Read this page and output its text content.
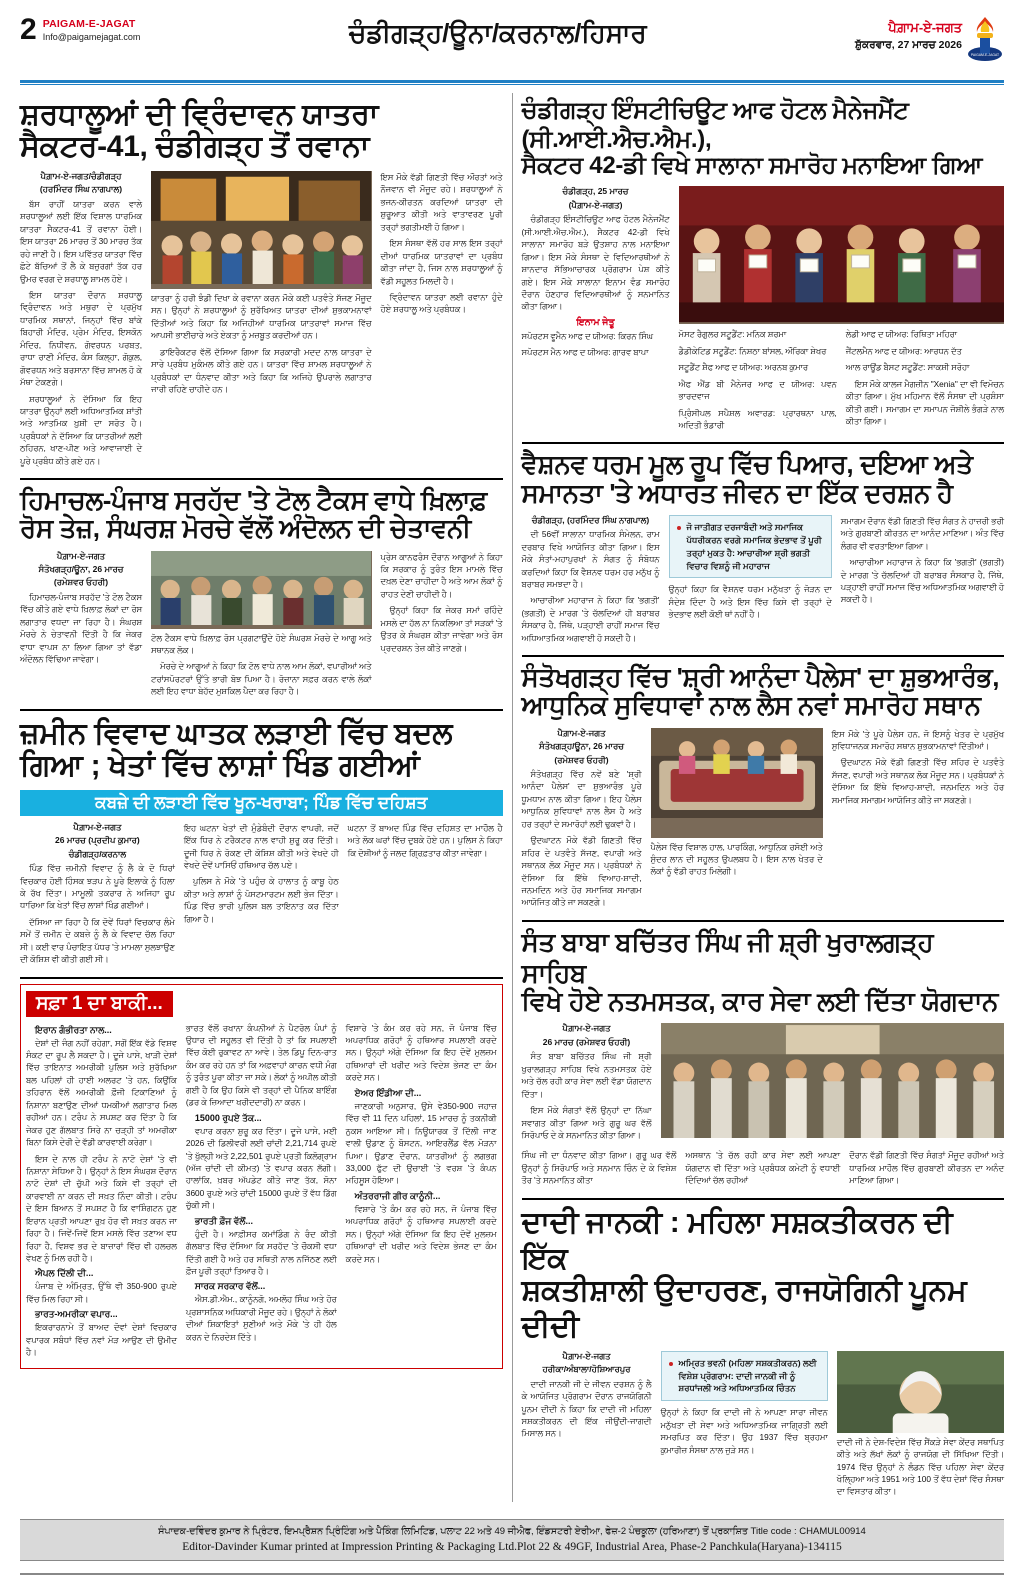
2 PAIGAM-E-JAGAT
Info@paigamejagat.com	ਚੰਡੀਗੜ੍ਹ/ਊਨਾ/ਕਰਨਾਲ/ਹਿਸਾਰ	ਪੈਗ਼ਾਮ-ਏ-ਜਗਤ
ਸ਼ੁੱਕਰਵਾਰ, 27 ਮਾਰਚ 2026
PAIGAM-E-JAGAT
ਸ਼ਰਧਾਲੂਆਂ ਦੀ ਵ੍ਰਿੰਦਾਵਨ ਯਾਤਰਾ
ਸੈਕਟਰ-41, ਚੰਡੀਗੜ੍ਹ ਤੋਂ ਰਵਾਨਾ
ਪੈਗ਼ਾਮ-ਏ-ਜਗਤ/ਚੰਡੀਗੜ੍ਹ
(ਹਰਮਿੰਦਰ ਸਿੰਘ ਨਾਗਪਾਲ)

ਬੱਸ ਰਾਹੀਂ ਯਾਤਰਾ ਕਰਨ ਵਾਲੇ ਸ਼ਰਧਾਲੂਆਂ ਲਈ ਇੱਕ ਵਿਸ਼ਾਲ ਧਾਰਮਿਕ ਯਾਤਰਾ ਸੈਕਟਰ-41 ਤੋਂ ਰਵਾਨਾ ਹੋਈ। ਇਸ ਯਾਤਰਾ 26 ਮਾਰਚ ਤੋਂ 30 ਮਾਰਚ ਤੱਕ ਰਹੇ ਜਾਣੀ ਹੈ। ਇਸ ਪਵਿੱਤਰ ਯਾਤਰਾ ਵਿੱਚ ਛੋਟੇ ਬੱਚਿਆਂ ਤੋਂ ਲੈ ਕੇ ਬਜ਼ੁਰਗਾਂ ਤੱਕ ਹਰ ਉਮਰ ਵਰਗ ਦੇ ਸ਼ਰਧਾਲੂ ਸ਼ਾਮਲ ਹੋਏ।

ਇਸ ਯਾਤਰਾ ਦੌਰਾਨ ਸ਼ਰਧਾਲੂ ਵ੍ਰਿੰਦਾਵਨ ਅਤੇ ਮਥੁਰਾ ਦੇ ਪ੍ਰਮੁੱਖ ਧਾਰਮਿਕ ਸਥਾਨਾਂ, ਜਿਨ੍ਹਾਂ ਵਿੱਚ ਬਾਂਕੇ ਬਿਹਾਰੀ ਮੰਦਿਰ, ਪ੍ਰੇਮ ਮੰਦਿਰ, ਇਸਕੋਨ ਮੰਦਿਰ, ਨਿਧੀਵਨ, ਗੋਵਰਧਨ ਪਰਬਤ, ਰਾਧਾ ਰਾਣੀ ਮੰਦਿਰ, ਕੰਸ ਕਿਲ੍ਹਾ, ਗੋਕੁਲ, ਗੋਵਰਧਨ ਅਤੇ ਬਰਸਾਨਾ ਵਿੱਚ ਸ਼ਾਮਲ ਹੋ ਕੇ ਮੱਥਾ ਟੇਕਣਗੇ।

ਸ਼ਰਧਾਲੂਆਂ ਨੇ ਦੱਸਿਆ ਕਿ ਇਹ ਯਾਤਰਾ ਉਨ੍ਹਾਂ ਲਈ ਅਧਿਆਤਮਿਕ ਸ਼ਾਂਤੀ ਅਤੇ ਆਤਮਿਕ ਖ਼ੁਸ਼ੀ ਦਾ ਸਰੋਤ ਹੈ। ਪ੍ਰਬੰਧਕਾਂ ਨੇ ਦੱਸਿਆ ਕਿ ਯਾਤਰੀਆਂ ਲਈ ਠਹਿਰਨ, ਖਾਣ-ਪੀਣ ਅਤੇ ਆਵਾਜਾਈ ਦੇ ਪੂਰੇ ਪ੍ਰਬੰਧ ਕੀਤੇ ਗਏ ਹਨ।

ਯਾਤਰਾ ਨੂੰ ਹਰੀ ਝੰਡੀ ਦਿਖਾ ਕੇ ਰਵਾਨਾ ਕਰਨ ਮੌਕੇ ਕਈ ਪਤਵੰਤੇ ਸੱਜਣ ਮੌਜੂਦ ਸਨ। ਉਨ੍ਹਾਂ ਨੇ ਸ਼ਰਧਾਲੂਆਂ ਨੂੰ ਸੁਰੱਖਿਅਤ ਯਾਤਰਾ ਦੀਆਂ ਸ਼ੁਭਕਾਮਨਾਵਾਂ ਦਿੱਤੀਆਂ ਅਤੇ ਕਿਹਾ ਕਿ ਅਜਿਹੀਆਂ ਧਾਰਮਿਕ ਯਾਤਰਾਵਾਂ ਸਮਾਜ ਵਿੱਚ ਆਪਸੀ ਭਾਈਚਾਰੇ ਅਤੇ ਏਕਤਾ ਨੂੰ ਮਜ਼ਬੂਤ ਕਰਦੀਆਂ ਹਨ।

ਡਾਇਰੈਕਟਰ ਵੱਲੋਂ ਦੱਸਿਆ ਗਿਆ ਕਿ ਸਰਕਾਰੀ ਮਦਦ ਨਾਲ ਯਾਤਰਾ ਦੇ ਸਾਰੇ ਪ੍ਰਬੰਧ ਮੁਕੰਮਲ ਕੀਤੇ ਗਏ ਹਨ। ਯਾਤਰਾ ਵਿੱਚ ਸ਼ਾਮਲ ਸ਼ਰਧਾਲੂਆਂ ਨੇ ਪ੍ਰਬੰਧਕਾਂ ਦਾ ਧੰਨਵਾਦ ਕੀਤਾ ਅਤੇ ਕਿਹਾ ਕਿ ਅਜਿਹੇ ਉਪਰਾਲੇ ਲਗਾਤਾਰ ਜਾਰੀ ਰਹਿਣੇ ਚਾਹੀਦੇ ਹਨ।

ਇਸ ਮੌਕੇ ਵੱਡੀ ਗਿਣਤੀ ਵਿੱਚ ਔਰਤਾਂ ਅਤੇ ਨੌਜਵਾਨ ਵੀ ਮੌਜੂਦ ਰਹੇ। ਸ਼ਰਧਾਲੂਆਂ ਨੇ ਭਜਨ-ਕੀਰਤਨ ਕਰਦਿਆਂ ਯਾਤਰਾ ਦੀ ਸ਼ੁਰੂਆਤ ਕੀਤੀ ਅਤੇ ਵਾਤਾਵਰਣ ਪੂਰੀ ਤਰ੍ਹਾਂ ਭਗਤੀਮਈ ਹੋ ਗਿਆ।

ਇਸ ਸੰਸਥਾ ਵੱਲੋਂ ਹਰ ਸਾਲ ਇਸ ਤਰ੍ਹਾਂ ਦੀਆਂ ਧਾਰਮਿਕ ਯਾਤਰਾਵਾਂ ਦਾ ਪ੍ਰਬੰਧ ਕੀਤਾ ਜਾਂਦਾ ਹੈ, ਜਿਸ ਨਾਲ ਸ਼ਰਧਾਲੂਆਂ ਨੂੰ ਵੱਡੀ ਸਹੂਲਤ ਮਿਲਦੀ ਹੈ।

ਵ੍ਰਿੰਦਾਵਨ ਯਾਤਰਾ ਲਈ ਰਵਾਨਾ ਹੁੰਦੇ ਹੋਏ ਸ਼ਰਧਾਲੂ ਅਤੇ ਪ੍ਰਬੰਧਕ।

ਹਿਮਾਚਲ-ਪੰਜਾਬ ਸਰਹੱਦ 'ਤੇ ਟੋਲ ਟੈਕਸ ਵਾਧੇ ਖ਼ਿਲਾਫ਼
ਰੋਸ ਤੇਜ਼, ਸੰਘਰਸ਼ ਮੋਰਚੇ ਵੱਲੋਂ ਅੰਦੋਲਨ ਦੀ ਚੇਤਾਵਨੀ
ਪੈਗ਼ਾਮ-ਏ-ਜਗਤ
ਸੰਤੋਖਗੜ੍ਹ/ਊਨਾ, 26 ਮਾਰਚ
(ਰਮੇਸ਼ਵਰ ਓਹਰੀ)

ਹਿਮਾਚਲ-ਪੰਜਾਬ ਸਰਹੱਦ 'ਤੇ ਟੋਲ ਟੈਕਸ ਵਿੱਚ ਕੀਤੇ ਗਏ ਵਾਧੇ ਖ਼ਿਲਾਫ਼ ਲੋਕਾਂ ਦਾ ਰੋਸ ਲਗਾਤਾਰ ਵਧਦਾ ਜਾ ਰਿਹਾ ਹੈ। ਸੰਘਰਸ਼ ਮੋਰਚੇ ਨੇ ਚੇਤਾਵਨੀ ਦਿੱਤੀ ਹੈ ਕਿ ਜੇਕਰ ਵਾਧਾ ਵਾਪਸ ਨਾ ਲਿਆ ਗਿਆ ਤਾਂ ਵੱਡਾ ਅੰਦੋਲਨ ਵਿੱਢਿਆ ਜਾਵੇਗਾ।

ਟੋਲ ਟੈਕਸ ਵਾਧੇ ਖ਼ਿਲਾਫ਼ ਰੋਸ ਪ੍ਰਗਟਾਉਂਦੇ ਹੋਏ ਸੰਘਰਸ਼ ਮੋਰਚੇ ਦੇ ਆਗੂ ਅਤੇ ਸਥਾਨਕ ਲੋਕ।

ਮੋਰਚੇ ਦੇ ਆਗੂਆਂ ਨੇ ਕਿਹਾ ਕਿ ਟੋਲ ਵਾਧੇ ਨਾਲ ਆਮ ਲੋਕਾਂ, ਵਪਾਰੀਆਂ ਅਤੇ ਟਰਾਂਸਪੋਰਟਰਾਂ ਉੱਤੇ ਭਾਰੀ ਬੋਝ ਪਿਆ ਹੈ। ਰੋਜ਼ਾਨਾ ਸਫ਼ਰ ਕਰਨ ਵਾਲੇ ਲੋਕਾਂ ਲਈ ਇਹ ਵਾਧਾ ਬੇਹੱਦ ਮੁਸ਼ਕਿਲ ਪੈਦਾ ਕਰ ਰਿਹਾ ਹੈ।

ਪ੍ਰੇਸ ਕਾਨਫਰੰਸ ਦੌਰਾਨ ਆਗੂਆਂ ਨੇ ਕਿਹਾ ਕਿ ਸਰਕਾਰ ਨੂੰ ਤੁਰੰਤ ਇਸ ਮਾਮਲੇ ਵਿੱਚ ਦਖ਼ਲ ਦੇਣਾ ਚਾਹੀਦਾ ਹੈ ਅਤੇ ਆਮ ਲੋਕਾਂ ਨੂੰ ਰਾਹਤ ਦੇਣੀ ਚਾਹੀਦੀ ਹੈ।

ਉਨ੍ਹਾਂ ਕਿਹਾ ਕਿ ਜੇਕਰ ਸਮਾਂ ਰਹਿੰਦੇ ਮਸਲੇ ਦਾ ਹੱਲ ਨਾ ਨਿਕਲਿਆ ਤਾਂ ਸੜਕਾਂ 'ਤੇ ਉਤਰ ਕੇ ਸੰਘਰਸ਼ ਕੀਤਾ ਜਾਵੇਗਾ ਅਤੇ ਰੋਸ ਪ੍ਰਦਰਸ਼ਨ ਤੇਜ਼ ਕੀਤੇ ਜਾਣਗੇ।

ਜ਼ਮੀਨ ਵਿਵਾਦ ਘਾਤਕ ਲੜਾਈ ਵਿੱਚ ਬਦਲ
ਗਿਆ ; ਖੇਤਾਂ ਵਿੱਚ ਲਾਸ਼ਾਂ ਖਿੰਡ ਗਈਆਂ
ਕਬਜ਼ੇ ਦੀ ਲੜਾਈ ਵਿੱਚ ਖੂਨ-ਖਰਾਬਾ; ਪਿੰਡ ਵਿੱਚ ਦਹਿਸ਼ਤ
ਪੈਗ਼ਾਮ-ਏ-ਜਗਤ
26 ਮਾਰਚ (ਪ੍ਰਦੀਪ ਕੁਮਾਰ)
ਚੰਡੀਗੜ੍ਹ/ਕਰਨਾਲ

ਪਿੰਡ ਵਿੱਚ ਜ਼ਮੀਨੀ ਵਿਵਾਦ ਨੂੰ ਲੈ ਕੇ ਦੋ ਧਿਰਾਂ ਵਿਚਕਾਰ ਹੋਈ ਹਿੰਸਕ ਝੜਪ ਨੇ ਪੂਰੇ ਇਲਾਕੇ ਨੂੰ ਹਿਲਾ ਕੇ ਰੱਖ ਦਿੱਤਾ। ਮਾਮੂਲੀ ਤਕਰਾਰ ਨੇ ਅਜਿਹਾ ਰੂਪ ਧਾਰਿਆ ਕਿ ਖੇਤਾਂ ਵਿੱਚ ਲਾਸ਼ਾਂ ਖਿੰਡ ਗਈਆਂ।

ਦੱਸਿਆ ਜਾ ਰਿਹਾ ਹੈ ਕਿ ਦੋਵੇਂ ਧਿਰਾਂ ਵਿਚਕਾਰ ਲੰਮੇ ਸਮੇਂ ਤੋਂ ਜ਼ਮੀਨ ਦੇ ਕਬਜ਼ੇ ਨੂੰ ਲੈ ਕੇ ਵਿਵਾਦ ਚੱਲ ਰਿਹਾ ਸੀ। ਕਈ ਵਾਰ ਪੰਚਾਇਤ ਪੱਧਰ 'ਤੇ ਮਾਮਲਾ ਸੁਲਝਾਉਣ ਦੀ ਕੋਸ਼ਿਸ਼ ਵੀ ਕੀਤੀ ਗਈ ਸੀ।

ਇਹ ਘਟਨਾ ਖੇਤਾਂ ਦੀ ਮੁੰਡੇਬੰਦੀ ਦੌਰਾਨ ਵਾਪਰੀ, ਜਦੋਂ ਇੱਕ ਧਿਰ ਨੇ ਟਰੈਕਟਰ ਨਾਲ ਵਾਹੀ ਸ਼ੁਰੂ ਕਰ ਦਿੱਤੀ। ਦੂਜੀ ਧਿਰ ਨੇ ਰੋਕਣ ਦੀ ਕੋਸ਼ਿਸ਼ ਕੀਤੀ ਅਤੇ ਵੇਖਦੇ ਹੀ ਵੇਖਦੇ ਦੋਵੇਂ ਪਾਸਿਓਂ ਹਥਿਆਰ ਚੱਲ ਪਏ।

ਪੁਲਿਸ ਨੇ ਮੌਕੇ 'ਤੇ ਪਹੁੰਚ ਕੇ ਹਾਲਾਤ ਨੂੰ ਕਾਬੂ ਹੇਠ ਕੀਤਾ ਅਤੇ ਲਾਸ਼ਾਂ ਨੂੰ ਪੋਸਟਮਾਰਟਮ ਲਈ ਭੇਜ ਦਿੱਤਾ। ਪਿੰਡ ਵਿੱਚ ਭਾਰੀ ਪੁਲਿਸ ਬਲ ਤਾਇਨਾਤ ਕਰ ਦਿੱਤਾ ਗਿਆ ਹੈ।

ਘਟਨਾ ਤੋਂ ਬਾਅਦ ਪਿੰਡ ਵਿੱਚ ਦਹਿਸ਼ਤ ਦਾ ਮਾਹੌਲ ਹੈ ਅਤੇ ਲੋਕ ਘਰਾਂ ਵਿੱਚ ਦੁਬਕੇ ਹੋਏ ਹਨ। ਪੁਲਿਸ ਨੇ ਕਿਹਾ ਕਿ ਦੋਸ਼ੀਆਂ ਨੂੰ ਜਲਦ ਗ੍ਰਿਫ਼ਤਾਰ ਕੀਤਾ ਜਾਵੇਗਾ।

ਸਫ਼ਾ 1 ਦਾ ਬਾਕੀ...
ਇਰਾਨ ਗੰਭੀਰਤਾ ਨਾਲ...

ਦੇਸ਼ਾਂ ਦੀ ਜੰਗ ਨਹੀਂ ਰਹੇਗਾ, ਸਗੋਂ ਇੱਕ ਵੱਡੇ ਵਿਸ਼ਵ ਸੰਕਟ ਦਾ ਰੂਪ ਲੈ ਸਕਦਾ ਹੈ। ਦੂਜੇ ਪਾਸੇ, ਖਾੜੀ ਦੇਸ਼ਾਂ ਵਿੱਚ ਤਾਇਨਾਤ ਅਮਰੀਕੀ ਪੁਲਿਸ ਅਤੇ ਸੁਰੱਖਿਆ ਬਲ ਪਹਿਲਾਂ ਹੀ ਹਾਈ ਅਲਰਟ 'ਤੇ ਹਨ, ਕਿਉਂਕਿ ਤਹਿਰਾਨ ਵੱਲੋਂ ਅਮਰੀਕੀ ਫ਼ੌਜੀ ਟਿਕਾਣਿਆਂ ਨੂੰ ਨਿਸ਼ਾਨਾ ਬਣਾਉਣ ਦੀਆਂ ਧਮਕੀਆਂ ਲਗਾਤਾਰ ਮਿਲ ਰਹੀਆਂ ਹਨ। ਟਰੰਪ ਨੇ ਸਪਸ਼ਟ ਕਰ ਦਿੱਤਾ ਹੈ ਕਿ ਜੇਕਰ ਹੁਣ ਗੱਲਬਾਤ ਸਿਰੇ ਨਾ ਚੜ੍ਹੀ ਤਾਂ ਅਮਰੀਕਾ ਬਿਨਾ ਕਿਸੇ ਦੇਰੀ ਦੇ ਵੱਡੀ ਕਾਰਵਾਈ ਕਰੇਗਾ।

ਇਸ ਦੇ ਨਾਲ ਹੀ ਟਰੰਪ ਨੇ ਨਾਟੋ ਦੇਸ਼ਾਂ 'ਤੇ ਵੀ ਨਿਸ਼ਾਨਾ ਸੇਧਿਆ ਹੈ। ਉਨ੍ਹਾਂ ਨੇ ਇਸ ਸੰਘਰਸ਼ ਦੌਰਾਨ ਨਾਟੋ ਦੇਸ਼ਾਂ ਦੀ ਚੁੱਪੀ ਅਤੇ ਕਿਸੇ ਵੀ ਤਰ੍ਹਾਂ ਦੀ ਕਾਰਵਾਈ ਨਾ ਕਰਨ ਦੀ ਸਖ਼ਤ ਨਿੰਦਾ ਕੀਤੀ। ਟਰੰਪ ਦੇ ਇਸ ਬਿਆਨ ਤੋਂ ਸਪਸ਼ਟ ਹੈ ਕਿ ਵਾਸ਼ਿੰਗਟਨ ਹੁਣ ਇਰਾਨ ਪ੍ਰਤੀ ਆਪਣਾ ਰੁਖ਼ ਹੋਰ ਵੀ ਸਖ਼ਤ ਕਰਨ ਜਾ ਰਿਹਾ ਹੈ। ਜਿਵੇਂ-ਜਿਵੇਂ ਇਸ ਮਸਲੇ ਵਿੱਚ ਤਣਾਅ ਵਧ ਰਿਹਾ ਹੈ, ਵਿਸ਼ਵ ਭਰ ਦੇ ਬਾਜ਼ਾਰਾਂ ਵਿੱਚ ਵੀ ਹਲਚਲ ਵੇਖਣ ਨੂੰ ਮਿਲ ਰਹੀ ਹੈ।

ਐਪਲ ਦਿੱਲੀ ਦੀ...

ਪੰਜਾਬ ਦੇ ਅੰਮ੍ਰਿਤ, ਉੱਥੇ ਵੀ 350-900 ਰੁਪਏ ਵਿੱਚ ਮਿਲ ਰਿਹਾ ਸੀ।

ਭਾਰਤ-ਅਮਰੀਕਾ ਵਪਾਰ...

ਇਕਰਾਰਨਾਮੇ ਤੋਂ ਬਾਅਦ ਦੋਵਾਂ ਦੇਸ਼ਾਂ ਵਿਚਕਾਰ ਵਪਾਰਕ ਸਬੰਧਾਂ ਵਿੱਚ ਨਵਾਂ ਮੋੜ ਆਉਣ ਦੀ ਉਮੀਦ ਹੈ।

ਭਾਰਤ ਵੱਲੋਂ ਰਖਾਨਾ ਕੰਪਨੀਆਂ ਨੇ ਪੈਟਰੋਲ ਪੰਪਾਂ ਨੂੰ ਉਧਾਰ ਦੀ ਸਹੂਲਤ ਵੀ ਦਿੱਤੀ ਹੈ ਤਾਂ ਕਿ ਸਪਲਾਈ ਵਿੱਚ ਕੋਈ ਰੁਕਾਵਟ ਨਾ ਆਵੇ। ਤੇਲ ਡਿਪੂ ਦਿਨ-ਰਾਤ ਕੰਮ ਕਰ ਰਹੇ ਹਨ ਤਾਂ ਕਿ ਅਫ਼ਵਾਹਾਂ ਕਾਰਨ ਵਧੀ ਮੰਗ ਨੂੰ ਤੁਰੰਤ ਪੂਰਾ ਕੀਤਾ ਜਾ ਸਕੇ। ਲੋਕਾਂ ਨੂੰ ਅਪੀਲ ਕੀਤੀ ਗਈ ਹੈ ਕਿ ਉਹ ਕਿਸੇ ਵੀ ਤਰ੍ਹਾਂ ਦੀ ਪੈਨਿਕ ਬਾਇੰਗ (ਡਰ ਕੇ ਜ਼ਿਆਦਾ ਖਰੀਦਦਾਰੀ) ਨਾ ਕਰਨ।

15000 ਰੁਪਏ ਤੱਕ...

ਵਪਾਰ ਕਰਨਾ ਸ਼ੁਰੂ ਕਰ ਦਿੱਤਾ। ਦੂਜੇ ਪਾਸੇ, ਮਈ 2026 ਦੀ ਡਿਲੀਵਰੀ ਲਈ ਚਾਂਦੀ 2,21,714 ਰੁਪਏ 'ਤੇ ਖੁੱਲ੍ਹੀ ਅਤੇ 2,22,501 ਰੁਪਏ ਪ੍ਰਤੀ ਕਿਲੋਗ੍ਰਾਮ (ਅੱਜ ਚਾਂਦੀ ਦੀ ਕੀਮਤ) 'ਤੇ ਵਪਾਰ ਕਰਨ ਲੱਗੀ। ਹਾਲਾਂਕਿ, ਖ਼ਬਰ ਅੱਪਡੇਟ ਕੀਤੇ ਜਾਣ ਤੱਕ, ਸੋਨਾ 3600 ਰੁਪਏ ਅਤੇ ਚਾਂਦੀ 15000 ਰੁਪਏ ਤੋਂ ਵੱਧ ਡਿੱਗ ਚੁੱਕੀ ਸੀ।

ਭਾਰਤੀ ਫ਼ੌਜ ਵੱਲੋਂ...

ਹੁੰਦੀ ਹੈ। ਆਫ਼ੀਸਰ ਕਮਾਂਡਿੰਗ ਨੇ ਰੰਦ ਕੀਤੀ ਗੱਲਬਾਤ ਵਿੱਚ ਦੱਸਿਆ ਕਿ ਸਰਹੱਦ 'ਤੇ ਚੌਕਸੀ ਵਧਾ ਦਿੱਤੀ ਗਈ ਹੈ ਅਤੇ ਹਰ ਸਥਿਤੀ ਨਾਲ ਨਜਿੱਠਣ ਲਈ ਫ਼ੌਜ ਪੂਰੀ ਤਰ੍ਹਾਂ ਤਿਆਰ ਹੈ।

ਸਾਰਕ ਸਰਕਾਰ ਵੱਲੋਂ...

ਐਸ.ਡੀ.ਐਮ., ਕਾਨੂੰਨਗੋ, ਅਮਲੋਹ ਸਿੰਘ ਅਤੇ ਹੋਰ ਪ੍ਰਸ਼ਾਸਨਿਕ ਅਧਿਕਾਰੀ ਮੌਜੂਦ ਰਹੇ। ਉਨ੍ਹਾਂ ਨੇ ਲੋਕਾਂ ਦੀਆਂ ਸ਼ਿਕਾਇਤਾਂ ਸੁਣੀਆਂ ਅਤੇ ਮੌਕੇ 'ਤੇ ਹੀ ਹੱਲ ਕਰਨ ਦੇ ਨਿਰਦੇਸ਼ ਦਿੱਤੇ।

ਵਿਸ਼ਾਰੇ 'ਤੇ ਕੰਮ ਕਰ ਰਹੇ ਸਨ, ਜੋ ਪੰਜਾਬ ਵਿੱਚ ਅਪਰਾਧਿਕ ਗਰੋਹਾਂ ਨੂੰ ਹਥਿਆਰ ਸਪਲਾਈ ਕਰਦੇ ਸਨ। ਉਨ੍ਹਾਂ ਅੱਗੇ ਦੱਸਿਆ ਕਿ ਇਹ ਦੋਵੇਂ ਮੁਲਜ਼ਮ ਹਥਿਆਰਾਂ ਦੀ ਖਰੀਦ ਅਤੇ ਵਿਦੇਸ਼ ਭੇਜਣ ਦਾ ਕੰਮ ਕਰਦੇ ਸਨ।

ਏਅਰ ਇੰਡੀਆ ਦੀ...

ਜਾਣਕਾਰੀ ਅਨੁਸਾਰ, ਉਸੇ ਵੇ350-900 ਜਹਾਜ਼ ਵਿੱਚ ਵੀ 11 ਦਿਨ ਪਹਿਲਾਂ, 15 ਮਾਰਚ ਨੂੰ ਤਕਨੀਕੀ ਨੁਕਸ ਆਇਆ ਸੀ। ਨਿਊਯਾਰਕ ਤੋਂ ਦਿੱਲੀ ਜਾਣ ਵਾਲੀ ਉਡਾਣ ਨੂੰ ਬੋਸਟਨ, ਆਇਰਲੈਂਡ ਵੱਲ ਮੋੜਨਾ ਪਿਆ। ਉਡਾਣ ਦੌਰਾਨ, ਯਾਤਰੀਆਂ ਨੂੰ ਲਗਭਗ 33,000 ਫੁੱਟ ਦੀ ਉਚਾਈ 'ਤੇ ਵਰਸ਼ 'ਤੇ ਕੰਪਨ ਮਹਿਸੂਸ ਹੋਇਆ।

ਅੰਤਰਰਾਜੀ ਗੀਰ ਕਾਨੂੰਨੀ...

ਵਿਸ਼ਾਰੇ 'ਤੇ ਕੰਮ ਕਰ ਰਹੇ ਸਨ, ਜੋ ਪੰਜਾਬ ਵਿੱਚ ਅਪਰਾਧਿਕ ਗਰੋਹਾਂ ਨੂੰ ਹਥਿਆਰ ਸਪਲਾਈ ਕਰਦੇ ਸਨ। ਉਨ੍ਹਾਂ ਅੱਗੇ ਦੱਸਿਆ ਕਿ ਇਹ ਦੋਵੇਂ ਮੁਲਜ਼ਮ ਹਥਿਆਰਾਂ ਦੀ ਖਰੀਦ ਅਤੇ ਵਿਦੇਸ਼ ਭੇਜਣ ਦਾ ਕੰਮ ਕਰਦੇ ਸਨ।

ਚੰਡੀਗੜ੍ਹ ਇੰਸਟੀਚਿਊਟ ਆਫ ਹੋਟਲ ਮੈਨੇਜਮੈਂਟ (ਸੀ.ਆਈ.ਐਚ.ਐਮ.),
ਸੈਕਟਰ 42-ਡੀ ਵਿਖੇ ਸਾਲਾਨਾ ਸਮਾਰੋਹ ਮਨਾਇਆ ਗਿਆ
ਚੰਡੀਗੜ੍ਹ, 25 ਮਾਰਚ
(ਪੈਗ਼ਾਮ-ਏ-ਜਗਤ)

ਚੰਡੀਗੜ੍ਹ ਇੰਸਟੀਚਿਊਟ ਆਫ ਹੋਟਲ ਮੈਨੇਜਮੈਂਟ (ਸੀ.ਆਈ.ਐਚ.ਐਮ.), ਸੈਕਟਰ 42-ਡੀ ਵਿਖੇ ਸਾਲਾਨਾ ਸਮਾਰੋਹ ਬੜੇ ਉਤਸ਼ਾਹ ਨਾਲ ਮਨਾਇਆ ਗਿਆ। ਇਸ ਮੌਕੇ ਸੰਸਥਾ ਦੇ ਵਿਦਿਆਰਥੀਆਂ ਨੇ ਸ਼ਾਨਦਾਰ ਸੱਭਿਆਚਾਰਕ ਪ੍ਰੋਗਰਾਮ ਪੇਸ਼ ਕੀਤੇ ਗਏ। ਇਸ ਮੌਕੇ ਸਾਲਾਨਾ ਇਨਾਮ ਵੰਡ ਸਮਾਰੋਹ ਦੌਰਾਨ ਹੋਣਹਾਰ ਵਿਦਿਆਰਥੀਆਂ ਨੂੰ ਸਨਮਾਨਿਤ ਕੀਤਾ ਗਿਆ।

ਇਨਾਮ ਜੇਤੂ

ਸਪੋਰਟਸ ਵੂਮੈਨ ਆਫ ਦ ਯੀਅਰ: ਕਿਰਨ ਸਿੰਘ

ਸਪੋਰਟਸ ਮੈਨ ਆਫ ਦ ਯੀਅਰ: ਗਾਰਵ ਬਾਪਾ

ਮੋਸਟ ਰੈਗੁਲਰ ਸਟੂਡੈਂਟ: ਮਨਿਕ ਸ਼ਰਮਾ

ਡੈਡੀਕੇਟਿਡ ਸਟੂਡੈਂਟ: ਨਿਸ਼ਠਾ ਬਾਂਸਲ, ਔਰਿਕਾ ਸ਼ੇਖਰ

ਸਟੂਡੈਂਟ ਸ਼ੈਫ ਆਫ ਦ ਯੀਅਰ: ਅਰਨਬ ਕੁਮਾਰ

ਐਫ ਐਂਡ ਬੀ ਮੈਨੇਜਰ ਆਫ ਦ ਯੀਅਰ: ਪਵਨ ਭਾਰਦਵਾਜ

ਪ੍ਰਿੰਸੀਪਲ ਸਪੈਸ਼ਲ ਅਵਾਰਡ: ਪ੍ਰਾਰਥਨਾ ਪਾਲ, ਅਦਿਤੀ ਭੰਡਾਰੀ

ਲੇਡੀ ਆਫ ਦ ਯੀਅਰ: ਰਿਥਿਤਾ ਮਹਿਰਾ

ਜੈਂਟਲਮੈਨ ਆਫ ਦ ਯੀਅਰ: ਆਰਧਨ ਦੱਤ

ਆਲ ਰਾਊਂਡ ਬੈਸਟ ਸਟੂਡੈਂਟ: ਸਾਕਸ਼ੀ ਸਰੋਹਾ

ਇਸ ਮੌਕੇ ਕਾਲਜ ਮੈਗਜ਼ੀਨ "Xenia" ਦਾ ਵੀ ਵਿਮੋਚਨ ਕੀਤਾ ਗਿਆ। ਮੁੱਖ ਮਹਿਮਾਨ ਵੱਲੋਂ ਸੰਸਥਾ ਦੀ ਪ੍ਰਸ਼ੰਸਾ ਕੀਤੀ ਗਈ। ਸਮਾਗਮ ਦਾ ਸਮਾਪਨ ਜੋਸ਼ੀਲੇ ਭੰਗੜੇ ਨਾਲ ਕੀਤਾ ਗਿਆ।

ਵੈਸ਼ਨਵ ਧਰਮ ਮੂਲ ਰੂਪ ਵਿੱਚ ਪਿਆਰ, ਦਇਆ ਅਤੇ
ਸਮਾਨਤਾ 'ਤੇ ਅਧਾਰਤ ਜੀਵਨ ਦਾ ਇੱਕ ਦਰਸ਼ਨ ਹੈ
ਚੰਡੀਗੜ੍ਹ, (ਹਰਮਿੰਦਰ ਸਿੰਘ ਨਾਗਪਾਲ)

ਦੀ 56ਵੀਂ ਸਾਲਾਨਾ ਧਾਰਮਿਕ ਸੰਮੇਲਨ, ਰਾਮ ਦਰਬਾਰ ਵਿਖੇ ਆਯੋਜਿਤ ਕੀਤਾ ਗਿਆ। ਇਸ ਮੌਕੇ ਸੰਤਾਂ-ਮਹਾਪੁਰਖਾਂ ਨੇ ਸੰਗਤ ਨੂੰ ਸੰਬੋਧਨ ਕਰਦਿਆਂ ਕਿਹਾ ਕਿ ਵੈਸ਼ਨਵ ਧਰਮ ਹਰ ਮਨੁੱਖ ਨੂੰ ਬਰਾਬਰ ਸਮਝਦਾ ਹੈ।

ਆਚਾਰੀਆ ਮਹਾਰਾਜ ਨੇ ਕਿਹਾ ਕਿ 'ਭਗਤੀ' (ਭਗਤੀ) ਦੇ ਮਾਰਗ 'ਤੇ ਚੱਲਦਿਆਂ ਹੀ ਬਰਾਬਰ ਸੰਸਕਾਰ ਹੈ, ਜਿੱਥੇ, ਪੜ੍ਹਾਈ ਰਾਹੀਂ ਸਮਾਜ ਵਿੱਚ ਅਧਿਆਤਮਿਕ ਅਗਵਾਈ ਹੋ ਸਕਦੀ ਹੈ।

ਜੋ ਜਾਤੀਗਤ ਦਰਜਾਬੰਦੀ ਅਤੇ ਸਮਾਜਿਕ ਪੱਧਰੀਕਰਨ ਵਰਗੇ ਸਮਾਜਿਕ ਭੇਦਭਾਵ ਤੋਂ ਪੂਰੀ ਤਰ੍ਹਾਂ ਮੁਕਤ ਹੈ: ਆਚਾਰੀਆ ਸ਼੍ਰੀ ਭਗਤੀ ਵਿਚਾਰ ਵਿਸ਼ਨੂੰ ਜੀ ਮਹਾਰਾਜ

ਉਨ੍ਹਾਂ ਕਿਹਾ ਕਿ ਵੈਸ਼ਨਵ ਧਰਮ ਮਨੁੱਖਤਾ ਨੂੰ ਜੋੜਨ ਦਾ ਸੰਦੇਸ਼ ਦਿੰਦਾ ਹੈ ਅਤੇ ਇਸ ਵਿੱਚ ਕਿਸੇ ਵੀ ਤਰ੍ਹਾਂ ਦੇ ਭੇਦਭਾਵ ਲਈ ਕੋਈ ਥਾਂ ਨਹੀਂ ਹੈ।

ਸਮਾਗਮ ਦੌਰਾਨ ਵੱਡੀ ਗਿਣਤੀ ਵਿੱਚ ਸੰਗਤ ਨੇ ਹਾਜ਼ਰੀ ਭਰੀ ਅਤੇ ਗੁਰਬਾਣੀ ਕੀਰਤਨ ਦਾ ਆਨੰਦ ਮਾਣਿਆ। ਅੰਤ ਵਿੱਚ ਲੰਗਰ ਵੀ ਵਰਤਾਇਆ ਗਿਆ।

ਆਚਾਰੀਆ ਮਹਾਰਾਜ ਨੇ ਕਿਹਾ ਕਿ 'ਭਗਤੀ' (ਭਗਤੀ) ਦੇ ਮਾਰਗ 'ਤੇ ਚੱਲਦਿਆਂ ਹੀ ਬਰਾਬਰ ਸੰਸਕਾਰ ਹੈ, ਜਿੱਥੇ, ਪੜ੍ਹਾਈ ਰਾਹੀਂ ਸਮਾਜ ਵਿੱਚ ਅਧਿਆਤਮਿਕ ਅਗਵਾਈ ਹੋ ਸਕਦੀ ਹੈ।

ਸੰਤੋਖਗੜ੍ਹ ਵਿੱਚ 'ਸ਼੍ਰੀ ਆਨੰਦਾ ਪੈਲੇਸ' ਦਾ ਸ਼ੁਭਆਰੰਭ,
ਆਧੁਨਿਕ ਸੁਵਿਧਾਵਾਂ ਨਾਲ ਲੈਸ ਨਵਾਂ ਸਮਾਰੋਹ ਸਥਾਨ
ਪੈਗ਼ਾਮ-ਏ-ਜਗਤ
ਸੰਤੋਖਗੜ੍ਹ/ਊਨਾ, 26 ਮਾਰਚ
(ਰਮੇਸ਼ਵਰ ਓਹਰੀ)

ਸੰਤੋਖਗੜ੍ਹ ਵਿੱਚ ਨਵੇਂ ਬਣੇ 'ਸ਼੍ਰੀ ਆਨੰਦਾ ਪੈਲੇਸ' ਦਾ ਸ਼ੁਭਆਰੰਭ ਪੂਰੇ ਧੂਮਧਾਮ ਨਾਲ ਕੀਤਾ ਗਿਆ। ਇਹ ਪੈਲੇਸ ਆਧੁਨਿਕ ਸੁਵਿਧਾਵਾਂ ਨਾਲ ਲੈਸ ਹੈ ਅਤੇ ਹਰ ਤਰ੍ਹਾਂ ਦੇ ਸਮਾਰੋਹਾਂ ਲਈ ਢੁਕਵਾਂ ਹੈ।

ਉਦਘਾਟਨ ਮੌਕੇ ਵੱਡੀ ਗਿਣਤੀ ਵਿੱਚ ਸ਼ਹਿਰ ਦੇ ਪਤਵੰਤੇ ਸੱਜਣ, ਵਪਾਰੀ ਅਤੇ ਸਥਾਨਕ ਲੋਕ ਮੌਜੂਦ ਸਨ। ਪ੍ਰਬੰਧਕਾਂ ਨੇ ਦੱਸਿਆ ਕਿ ਇੱਥੇ ਵਿਆਹ-ਸ਼ਾਦੀ, ਜਨਮਦਿਨ ਅਤੇ ਹੋਰ ਸਮਾਜਿਕ ਸਮਾਗਮ ਆਯੋਜਿਤ ਕੀਤੇ ਜਾ ਸਕਣਗੇ।

ਪੈਲੇਸ ਵਿੱਚ ਵਿਸ਼ਾਲ ਹਾਲ, ਪਾਰਕਿੰਗ, ਆਧੁਨਿਕ ਰਸੋਈ ਅਤੇ ਸੁੰਦਰ ਲਾਨ ਦੀ ਸਹੂਲਤ ਉਪਲਬਧ ਹੈ। ਇਸ ਨਾਲ ਖੇਤਰ ਦੇ ਲੋਕਾਂ ਨੂੰ ਵੱਡੀ ਰਾਹਤ ਮਿਲੇਗੀ।

ਇਸ ਮੌਕੇ 'ਤੇ ਪੂਰੇ ਪੈਲੇਸ ਹਨ, ਜੋ ਇਸਨੂੰ ਖੇਤਰ ਦੇ ਪ੍ਰਮੁੱਖ ਸੁਵਿਧਾਜਨਕ ਸਮਾਰੋਹ ਸਥਾਨ ਸ਼ੁਭਕਾਮਨਾਵਾਂ ਦਿੱਤੀਆਂ।

ਉਦਘਾਟਨ ਮੌਕੇ ਵੱਡੀ ਗਿਣਤੀ ਵਿੱਚ ਸ਼ਹਿਰ ਦੇ ਪਤਵੰਤੇ ਸੱਜਣ, ਵਪਾਰੀ ਅਤੇ ਸਥਾਨਕ ਲੋਕ ਮੌਜੂਦ ਸਨ। ਪ੍ਰਬੰਧਕਾਂ ਨੇ ਦੱਸਿਆ ਕਿ ਇੱਥੇ ਵਿਆਹ-ਸ਼ਾਦੀ, ਜਨਮਦਿਨ ਅਤੇ ਹੋਰ ਸਮਾਜਿਕ ਸਮਾਗਮ ਆਯੋਜਿਤ ਕੀਤੇ ਜਾ ਸਕਣਗੇ।

ਸੰਤ ਬਾਬਾ ਬਚਿੱਤਰ ਸਿੰਘ ਜੀ ਸ਼੍ਰੀ ਖੁਰਾਲਗੜ੍ਹ ਸਾਹਿਬ
ਵਿਖੇ ਹੋਏ ਨਤਮਸਤਕ, ਕਾਰ ਸੇਵਾ ਲਈ ਦਿੱਤਾ ਯੋਗਦਾਨ
ਪੈਗ਼ਾਮ-ਏ-ਜਗਤ
26 ਮਾਰਚ (ਰਮੇਸ਼ਵਰ ਓਹਰੀ)

ਸੰਤ ਬਾਬਾ ਬਚਿੱਤਰ ਸਿੰਘ ਜੀ ਸ਼੍ਰੀ ਖੁਰਾਲਗੜ੍ਹ ਸਾਹਿਬ ਵਿਖੇ ਨਤਮਸਤਕ ਹੋਏ ਅਤੇ ਚੱਲ ਰਹੀ ਕਾਰ ਸੇਵਾ ਲਈ ਵੱਡਾ ਯੋਗਦਾਨ ਦਿੱਤਾ।

ਇਸ ਮੌਕੇ ਸੰਗਤਾਂ ਵੱਲੋਂ ਉਨ੍ਹਾਂ ਦਾ ਨਿੱਘਾ ਸਵਾਗਤ ਕੀਤਾ ਗਿਆ ਅਤੇ ਗੁਰੂ ਘਰ ਵੱਲੋਂ ਸਿਰੋਪਾਓ ਦੇ ਕੇ ਸਨਮਾਨਿਤ ਕੀਤਾ ਗਿਆ।

ਸਿੰਘ ਜੀ ਦਾ ਧੰਨਵਾਦ ਕੀਤਾ ਗਿਆ। ਗੁਰੂ ਘਰ ਵੱਲੋਂ ਉਨ੍ਹਾਂ ਨੂੰ ਸਿਰੋਪਾਓ ਅਤੇ ਸਨਮਾਨ ਚਿੰਨ ਦੇ ਕੇ ਵਿਸ਼ੇਸ਼ ਤੌਰ 'ਤੇ ਸਨਮਾਨਿਤ ਕੀਤਾ

ਅਸਥਾਨ 'ਤੇ ਚੱਲ ਰਹੀ ਕਾਰ ਸੇਵਾ ਲਈ ਆਪਣਾ ਯੋਗਦਾਨ ਵੀ ਦਿੱਤਾ ਅਤੇ ਪ੍ਰਬੰਧਕ ਕਮੇਟੀ ਨੂੰ ਵਧਾਈ ਦਿੰਦਿਆਂ ਚੱਲ ਰਹੀਆਂ

ਦੌਰਾਨ ਵੱਡੀ ਗਿਣਤੀ ਵਿੱਚ ਸੰਗਤਾਂ ਮੌਜੂਦ ਰਹੀਆਂ ਅਤੇ ਧਾਰਮਿਕ ਮਾਹੌਲ ਵਿੱਚ ਗੁਰਬਾਣੀ ਕੀਰਤਨ ਦਾ ਅਨੰਦ ਮਾਣਿਆ ਗਿਆ।

ਦਾਦੀ ਜਾਨਕੀ : ਮਹਿਲਾ ਸਸ਼ਕਤੀਕਰਨ ਦੀ ਇੱਕ
ਸ਼ਕਤੀਸ਼ਾਲੀ ਉਦਾਹਰਣ, ਰਾਜਯੋਗਿਨੀ ਪੂਨਮ ਦੀਦੀ
ਪੈਗ਼ਾਮ-ਏ-ਜਗਤ
ਹਰੀਕਾ/ਅੰਬਾਲਾ/ਹੋਸ਼ਿਆਰਪੁਰ

ਦਾਦੀ ਜਾਨਕੀ ਜੀ ਦੇ ਜੀਵਨ ਦਰਸ਼ਨ ਨੂੰ ਲੈ ਕੇ ਆਯੋਜਿਤ ਪ੍ਰੋਗਰਾਮ ਦੌਰਾਨ ਰਾਜਯੋਗਿਨੀ ਪੂਨਮ ਦੀਦੀ ਨੇ ਕਿਹਾ ਕਿ ਦਾਦੀ ਜੀ ਮਹਿਲਾ ਸਸ਼ਕਤੀਕਰਨ ਦੀ ਇੱਕ ਜੀਉਂਦੀ-ਜਾਗਦੀ ਮਿਸਾਲ ਸਨ।

ਅਮ੍ਰਿਤ ਭਵਨੀ (ਮਹਿਲਾ ਸਸ਼ਕਤੀਕਰਨ) ਲਈ ਵਿਸ਼ੇਸ਼ ਪ੍ਰੋਗਰਾਮ: ਦਾਦੀ ਜਾਨਕੀ ਜੀ ਨੂੰ ਸ਼ਰਧਾਂਜਲੀ ਅਤੇ ਅਧਿਆਤਮਿਕ ਚਿੰਤਨ

ਉਨ੍ਹਾਂ ਨੇ ਕਿਹਾ ਕਿ ਦਾਦੀ ਜੀ ਨੇ ਆਪਣਾ ਸਾਰਾ ਜੀਵਨ ਮਨੁੱਖਤਾ ਦੀ ਸੇਵਾ ਅਤੇ ਅਧਿਆਤਮਿਕ ਜਾਗ੍ਰਿਤੀ ਲਈ ਸਮਰਪਿਤ ਕਰ ਦਿੱਤਾ। ਉਹ 1937 ਵਿੱਚ ਬ੍ਰਹਮਾ ਕੁਮਾਰੀਜ਼ ਸੰਸਥਾ ਨਾਲ ਜੁੜੇ ਸਨ।

ਦਾਦੀ ਜੀ ਨੇ ਦੇਸ਼-ਵਿਦੇਸ਼ ਵਿੱਚ ਸੈਂਕੜੇ ਸੇਵਾ ਕੇਂਦਰ ਸਥਾਪਿਤ ਕੀਤੇ ਅਤੇ ਲੱਖਾਂ ਲੋਕਾਂ ਨੂੰ ਰਾਜਯੋਗ ਦੀ ਸਿੱਖਿਆ ਦਿੱਤੀ। 1974 ਵਿੱਚ ਉਨ੍ਹਾਂ ਨੇ ਲੰਡਨ ਵਿੱਚ ਪਹਿਲਾ ਸੇਵਾ ਕੇਂਦਰ ਖੋਲ੍ਹਿਆ ਅਤੇ 1951 ਅਤੇ 100 ਤੋਂ ਵੱਧ ਦੇਸ਼ਾਂ ਵਿੱਚ ਸੰਸਥਾ ਦਾ ਵਿਸਤਾਰ ਕੀਤਾ।

ਸੰਪਾਦਕ-ਦਵਿੰਦਰ ਕੁਮਾਰ ਨੇ ਪ੍ਰਿੰਟਰ, ਇਮਪ੍ਰੈਸ਼ਨ ਪ੍ਰਿੰਟਿੰਗ ਅਤੇ ਪੈਕਿੰਗ ਲਿਮਿਟਿਡ, ਪਲਾਟ 22 ਅਤੇ 49 ਜੀਐਫ, ਇੰਡਸਟਰੀ ਏਰੀਆ, ਫੇਜ਼-2 ਪੰਚਕੂਲਾ (ਹਰਿਆਣਾ) ਤੋਂ ਪ੍ਰਕਾਸ਼ਿਤ Title code : CHAMUL00914
Editor-Davinder Kumar printed at Impression Printing & Packaging Ltd.Plot 22 & 49GF, Industrial Area, Phase-2 Panchkula(Haryana)-134115
